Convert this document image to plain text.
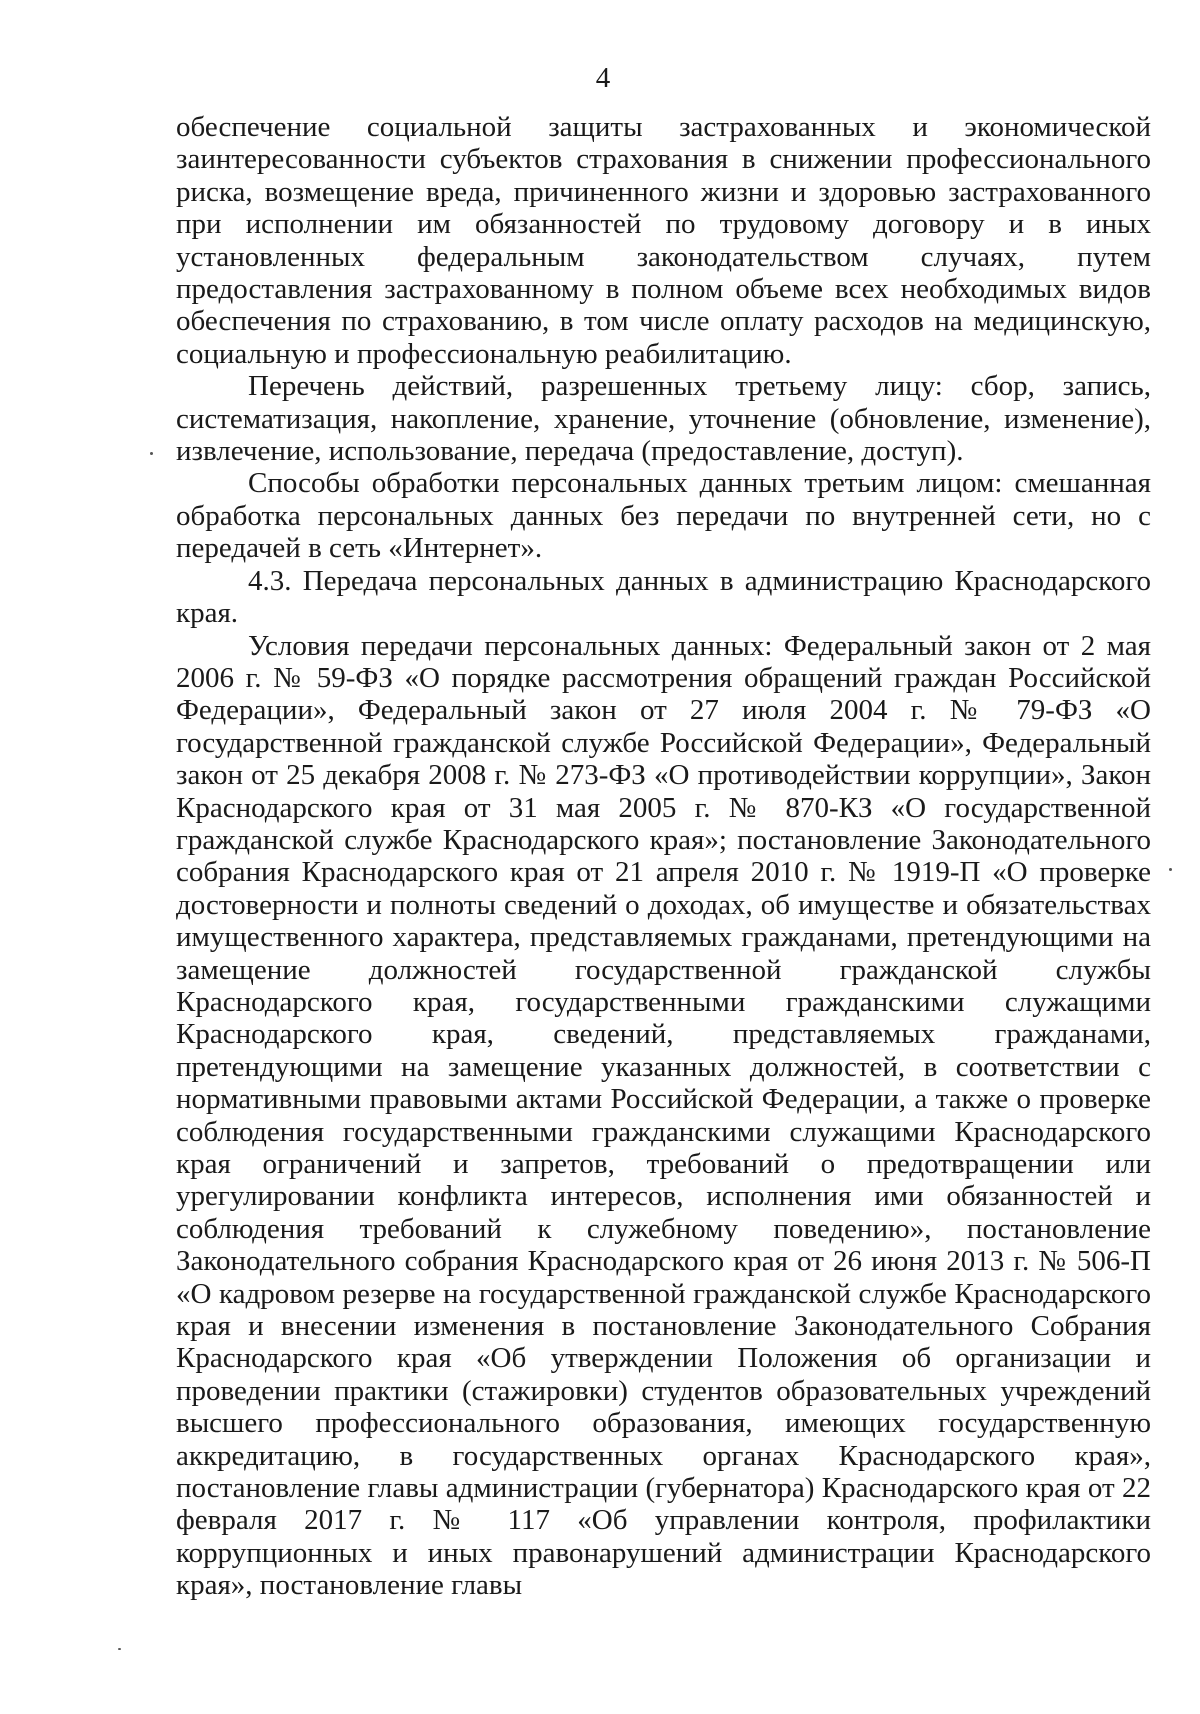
4

обеспечение социальной защиты застрахованных и экономической заинтересованности субъектов страхования в снижении профессионального риска, возмещение вреда, причиненного жизни и здоровью застрахованного при исполнении им обязанностей по трудовому договору и в иных установленных федеральным законодательством случаях, путем предоставления застрахованному в полном объеме всех необходимых видов обеспечения по страхованию, в том числе оплату расходов на медицинскую, социальную и профессиональную реабилитацию.

Перечень действий, разрешенных третьему лицу: сбор, запись, систематизация, накопление, хранение, уточнение (обновление, изменение), извлечение, использование, передача (предоставление, доступ).

Способы обработки персональных данных третьим лицом: смешанная обработка персональных данных без передачи по внутренней сети, но с передачей в сеть «Интернет».

4.3. Передача персональных данных в администрацию Краснодарского края.

Условия передачи персональных данных: Федеральный закон от 2 мая 2006 г. № 59-ФЗ «О порядке рассмотрения обращений граждан Российской Федерации», Федеральный закон от 27 июля 2004 г. № 79-ФЗ «О государственной гражданской службе Российской Федерации», Федеральный закон от 25 декабря 2008 г. № 273-ФЗ «О противодействии коррупции», Закон Краснодарского края от 31 мая 2005 г. № 870-КЗ «О государственной гражданской службе Краснодарского края»; постановление Законодательного собрания Краснодарского края от 21 апреля 2010 г. № 1919-П «О проверке достоверности и полноты сведений о доходах, об имуществе и обязательствах имущественного характера, представляемых гражданами, претендующими на замещение должностей государственной гражданской службы Краснодарского края, государственными гражданскими служащими Краснодарского края, сведений, представляемых гражданами, претендующими на замещение указанных должностей, в соответствии с нормативными правовыми актами Российской Федерации, а также о проверке соблюдения государственными гражданскими служащими Краснодарского края ограничений и запретов, требований о предотвращении или урегулировании конфликта интересов, исполнения ими обязанностей и соблюдения требований к служебному поведению», постановление Законодательного собрания Краснодарского края от 26 июня 2013 г. № 506-П «О кадровом резерве на государственной гражданской службе Краснодарского края и внесении изменения в постановление Законодательного Собрания Краснодарского края «Об утверждении Положения об организации и проведении практики (стажировки) студентов образовательных учреждений высшего профессионального образования, имеющих государственную аккредитацию, в государственных органах Краснодарского края», постановление главы администрации (губернатора) Краснодарского края от 22 февраля 2017 г. № 117 «Об управлении контроля, профилактики коррупционных и иных правонарушений администрации Краснодарского края», постановление главы
